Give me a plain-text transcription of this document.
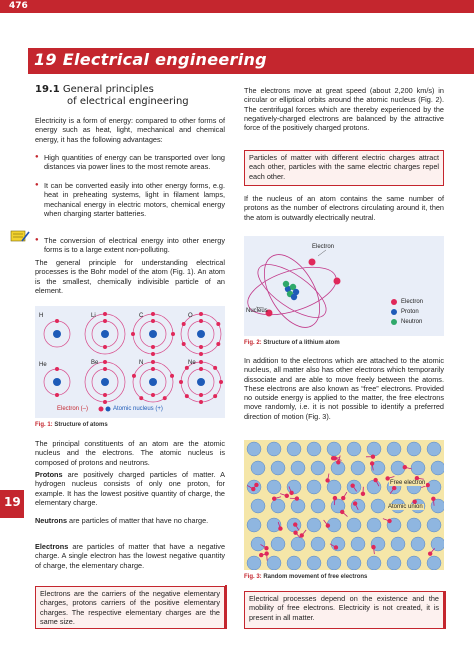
476
19 Electrical engineering
19.1 General principles
of electrical engineering
Electricity is a form of energy: compared to other forms of energy such as heat, light, mechanical and chemical energy, it has the following advantages:
● High quantities of energy can be transported over long distances via power lines to the most remote areas.
● It can be converted easily into other energy forms, e.g. heat in preheating systems, light in filament lamps, mechanical energy in electric motors, chemical energy when charging starter batteries.
● The conversion of electrical energy into other energy forms is to a large extent non-polluting.
The general principle for understanding electrical processes is the Bohr model of the atom (Fig. 1). An atom is the smallest, chemically indivisible particle of an element.
H	Li	C	O
He	Be	N	Ne
Electron (–)	Atomic nucleus (+)
Fig. 1: Structure of atoms
The principal constituents of an atom are the atomic nucleus and the electrons. The atomic nucleus is composed of protons and neutrons.
Protons are positively charged particles of matter. A hydrogen nucleus consists of only one proton, for example. It has the lowest positive quantity of charge, the elementary charge.
Neutrons are particles of matter that have no charge.
Electrons are particles of matter that have a negative charge. A single electron has the lowest negative quantity of charge, the elementary charge.
Electrons are the carriers of the negative elementary charges, protons carriers of the positive elementary charges. The respective elementary charges are the same size.
19
The electrons move at great speed (about 2,200 km/s) in circular or elliptical orbits around the atomic nucleus (Fig. 2). The centrifugal forces which are thereby experienced by the negatively-charged electrons are balanced by the attractive force of the positively charged protons.
Particles of matter with different electric charges attract each other, particles with the same electric charges repel each other.
If the nucleus of an atom contains the same number of protons as the number of electrons circulating around it, then the atom is outwardly electrically neutral.
Electron
Nucleus
Electron
Proton
Neutron
Fig. 2: Structure of a lithium atom
In addition to the electrons which are attached to the atomic nucleus, all matter also has other electrons which temporarily dissociate and are able to move freely between the atoms. These electrons are also known as “free” electrons. Provided no outside energy is applied to the matter, the free electrons move randomly, i.e. it is not possible to identify a preferred direction of motion (Fig. 3).
Free electron
Atomic union
Fig. 3: Random movement of free electrons
Electrical processes depend on the existence and the mobility of free electrons. Electricity is not created, it is present in all matter.
